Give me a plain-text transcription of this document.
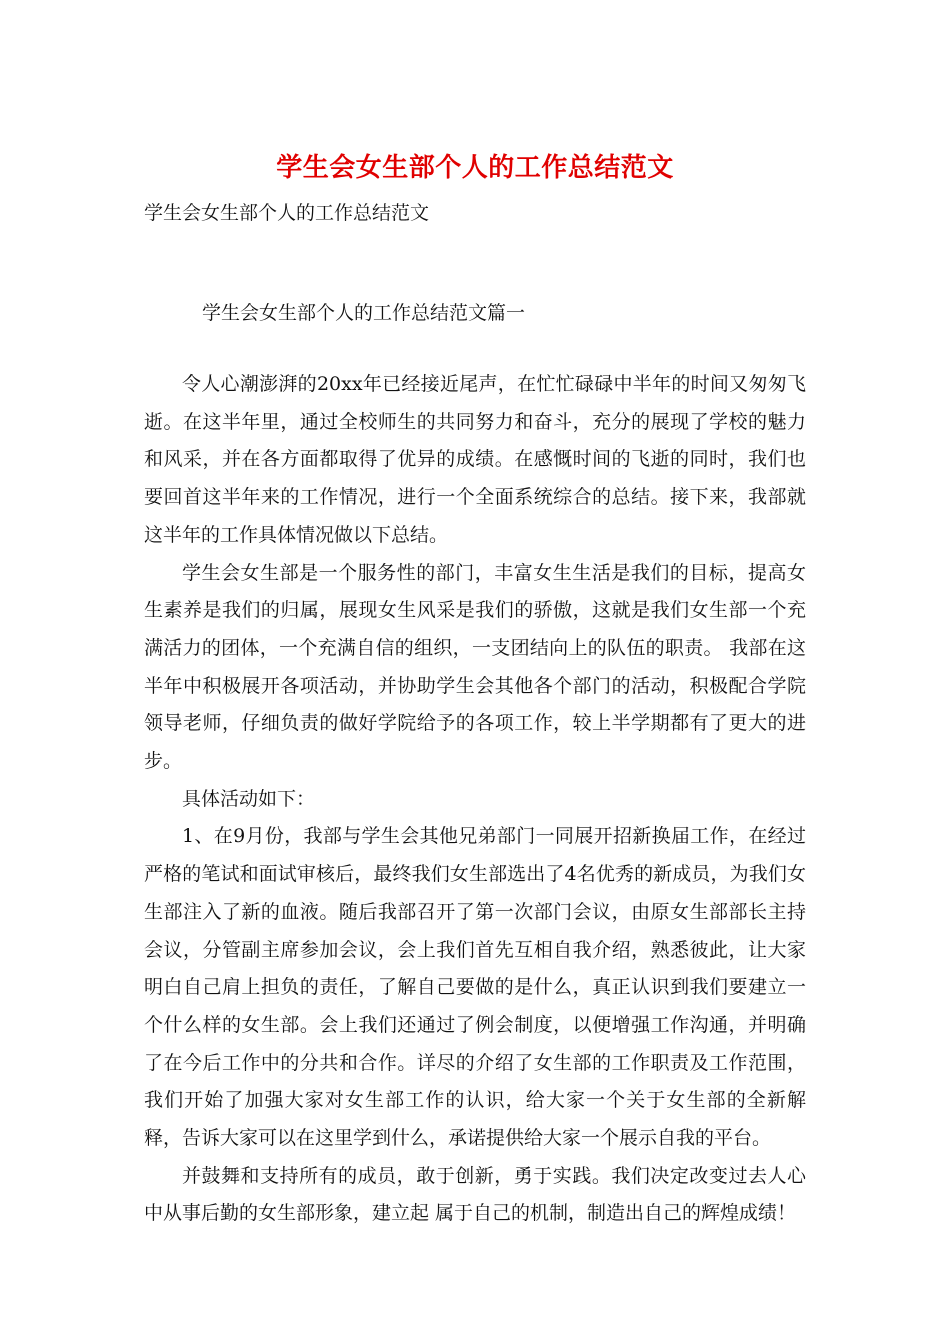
学生会女生部个人的工作总结范文
学生会女生部个人的工作总结范文
学生会女生部个人的工作总结范文篇一

令人心潮澎湃的20xx年已经接近尾声，在忙忙碌碌中半年的时间又匆匆飞逝。在这半年里，通过全校师生的共同努力和奋斗，充分的展现了学校的魅力和风采，并在各方面都取得了优异的成绩。在感慨时间的飞逝的同时，我们也要回首这半年来的工作情况，进行一个全面系统综合的总结。接下来，我部就这半年的工作具体情况做以下总结。

学生会女生部是一个服务性的部门，丰富女生生活是我们的目标，提高女生素养是我们的归属，展现女生风采是我们的骄傲，这就是我们女生部一个充满活力的团体，一个充满自信的组织，一支团结向上的队伍的职责。 我部在这半年中积极展开各项活动，并协助学生会其他各个部门的活动，积极配合学院领导老师，仔细负责的做好学院给予的各项工作，较上半学期都有了更大的进步。

具体活动如下：

1、在9月份，我部与学生会其他兄弟部门一同展开招新换届工作，在经过严格的笔试和面试审核后，最终我们女生部选出了4名优秀的新成员，为我们女生部注入了新的血液。随后我部召开了第一次部门会议，由原女生部部长主持会议，分管副主席参加会议，会上我们首先互相自我介绍，熟悉彼此，让大家明白自己肩上担负的责任，了解自己要做的是什么，真正认识到我们要建立一个什么样的女生部。会上我们还通过了例会制度，以便增强工作沟通，并明确了在今后工作中的分共和合作。详尽的介绍了女生部的工作职责及工作范围，我们开始了加强大家对女生部工作的认识，给大家一个关于女生部的全新解释，告诉大家可以在这里学到什么，承诺提供给大家一个展示自我的平台。

并鼓舞和支持所有的成员，敢于创新，勇于实践。我们决定改变过去人心中从事后勤的女生部形象，建立起 属于自己的机制，制造出自己的辉煌成绩！
